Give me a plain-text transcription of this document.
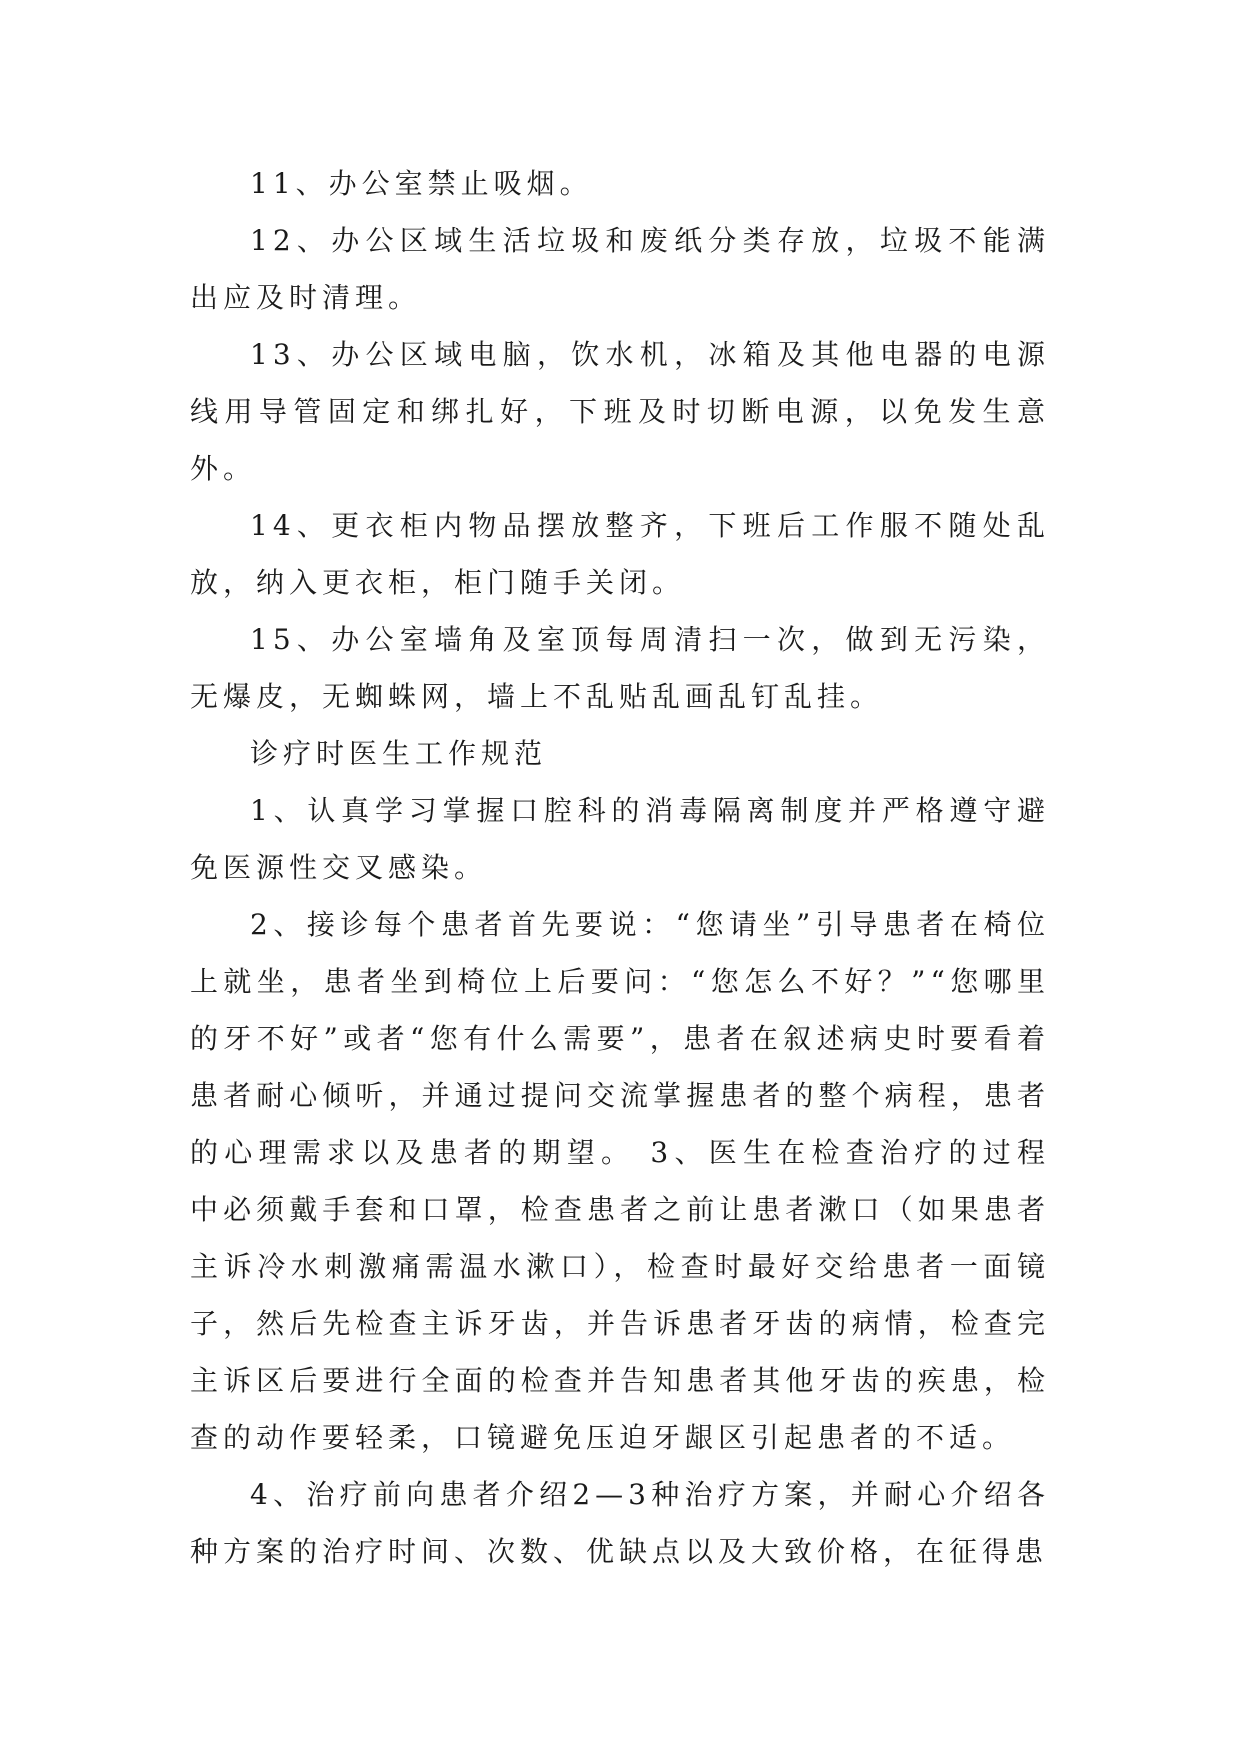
11、办公室禁止吸烟。

12、办公区域生活垃圾和废纸分类存放，垃圾不能满出应及时清理。

13、办公区域电脑，饮水机，冰箱及其他电器的电源线用导管固定和绑扎好，下班及时切断电源，以免发生意外。

14、更衣柜内物品摆放整齐，下班后工作服不随处乱放，纳入更衣柜，柜门随手关闭。

15、办公室墙角及室顶每周清扫一次，做到无污染，无爆皮，无蜘蛛网，墙上不乱贴乱画乱钉乱挂。

诊疗时医生工作规范

1、认真学习掌握口腔科的消毒隔离制度并严格遵守避免医源性交叉感染。

2、接诊每个患者首先要说：“您请坐”引导患者在椅位上就坐，患者坐到椅位上后要问：“您怎么不好？”“您哪里的牙不好”或者“您有什么需要”，患者在叙述病史时要看着患者耐心倾听，并通过提问交流掌握患者的整个病程，患者的心理需求以及患者的期望。 3、医生在检查治疗的过程中必须戴手套和口罩，检查患者之前让患者漱口（如果患者主诉冷水刺激痛需温水漱口），检查时最好交给患者一面镜子，然后先检查主诉牙齿，并告诉患者牙齿的病情，检查完主诉区后要进行全面的检查并告知患者其他牙齿的疾患，检查的动作要轻柔，口镜避免压迫牙龈区引起患者的不适。

4、治疗前向患者介绍2—3种治疗方案，并耐心介绍各种方案的治疗时间、次数、优缺点以及大致价格，在征得患
